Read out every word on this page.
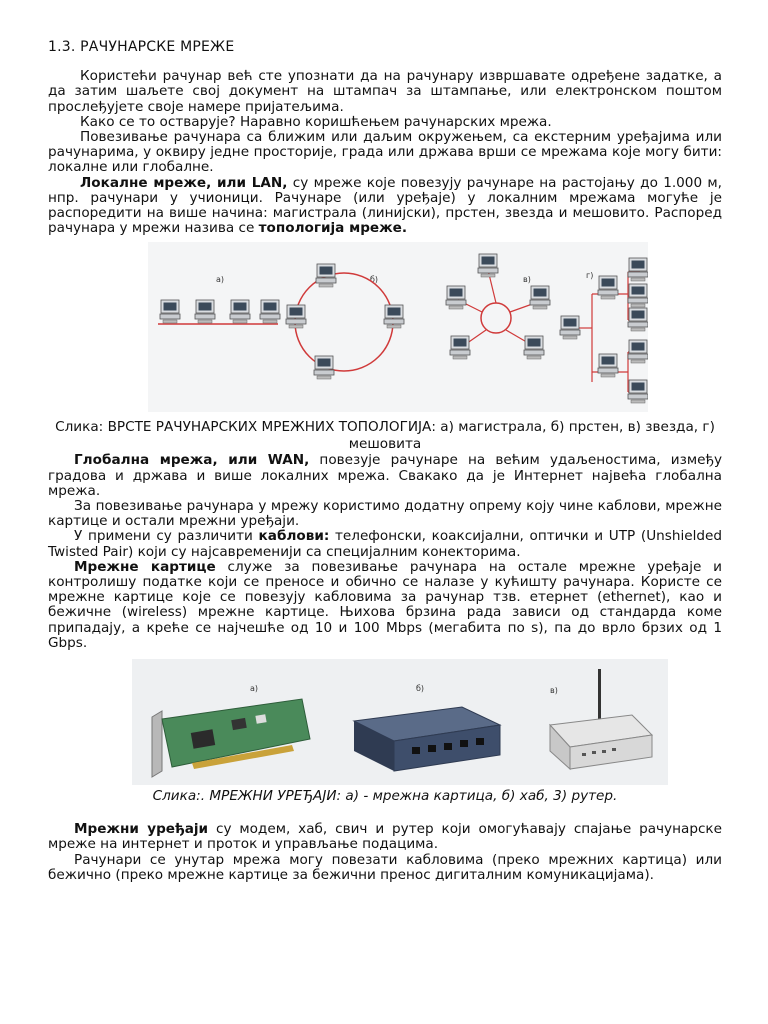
1.3. РАЧУНАРСКЕ МРЕЖЕ

Користећи рачунар већ сте упознати да на рачунару извршавате одређене задатке, а да затим шаљете свој документ на штампач за штампање, или електронском поштом прослеђујете своје намере пријатељима.

Како се то остварује? Наравно коришћењем рачунарских мрежа.

Повезивање рачунара са ближим или даљим окружењем, са екстерним уређајима или рачунарима, у оквиру једне просторије, града или држава врши се мрежама које могу бити: локалне или глобалне.

Локалне мреже, или LAN, су мреже које повезују рачунаре на растојању до 1.000 м, нпр. рачунари у учионици. Рачунаре (или уређаје) у локалним мрежама могуће је распоредити на више начина: магистрала (линијски), прстен, звезда и мешовито. Распоред рачунара у мрежи назива се топологија мреже.

а)	б)	в)	г)
Слика: ВРСТЕ РАЧУНАРСКИХ МРЕЖНИХ ТОПОЛОГИЈА: а) магистрала, б) прстен, в) звезда, г) мешовита

Глобална мрежа, или WAN, повезује рачунаре на већим удаљеностима, између градова и држава и више локалних мрежа. Свакако да је Интернет највећа глобална мрежа.

За повезивање рачунара у мрежу користимо додатну опрему коју чине каблови, мрежне картице и остали мрежни уређаји.

У примени су различити каблови: телефонски, коаксијални, оптички и UTP (Unshielded Twisted Pair) који су најсавременији са специјалним конекторима.

Мрежне картице служе за повезивање рачунара на остале мрежне уређаје и контролишу податке који се преносе и обично се налазе у кућишту рачунара. Користе се мрежне картице које се повезују кабловима за рачунар тзв. етернет (ethernet), као и бежичне (wireless) мрежне картице. Њихова брзина рада зависи од стандарда коме припадају, а креће се најчешће од 10 и 100 Mbps (мегабита по s), па до врло брзих од 1 Gbps.

а)	б)	в)
Слика:. МРЕЖНИ УРЕЂАЈИ: а) - мрежна картица, б) хаб, 3) рутер.

Мрежни уређаји су модем, хаб, свич и рутер који омогућавају спајање рачунарске мреже на интернет и проток и управљање подацима.

Рачунари се унутар мрежа могу повезати кабловима (преко мрежних картица) или бежично (преко мрежне картице за бежични пренос дигиталним комуникацијама).
